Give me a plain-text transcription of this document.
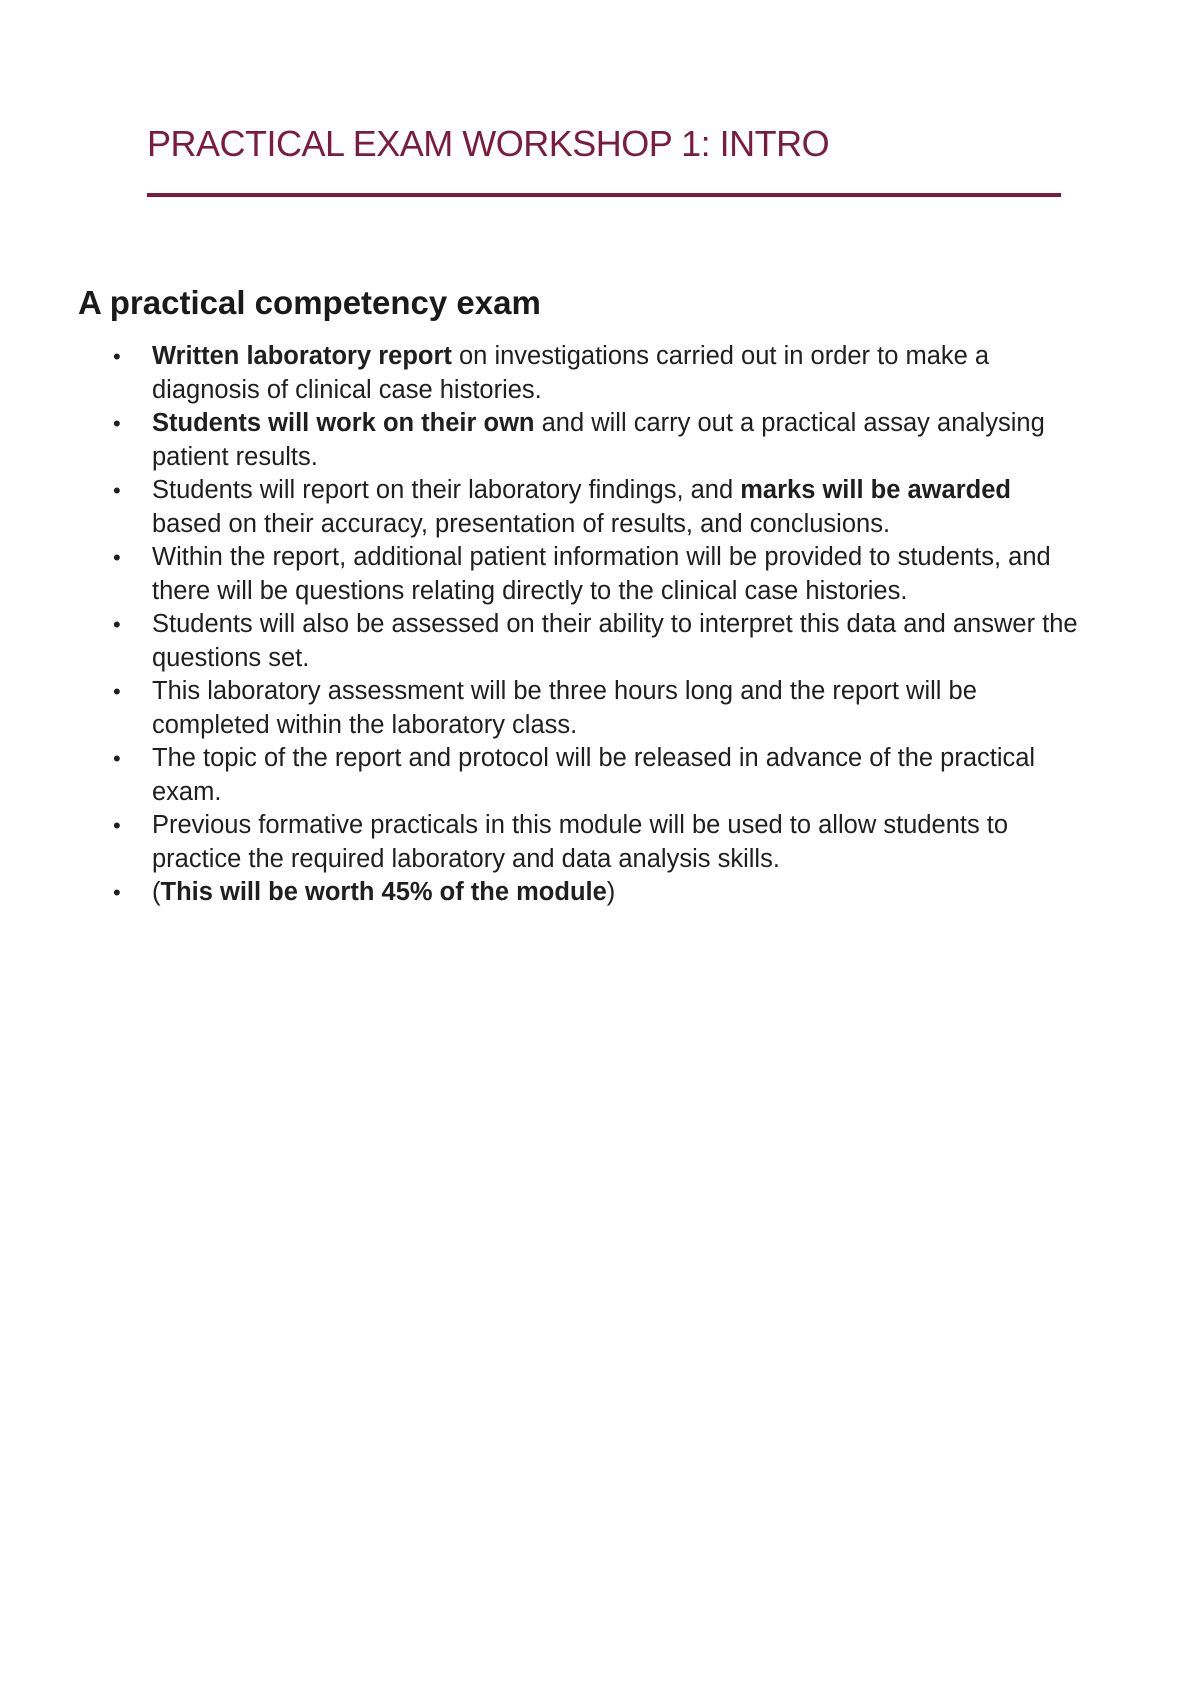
PRACTICAL EXAM WORKSHOP 1: INTRO
A practical competency exam
• Written laboratory report on investigations carried out in order to make a diagnosis of clinical case histories.
• Students will work on their own and will carry out a practical assay analysing patient results.
• Students will report on their laboratory findings, and marks will be awarded based on their accuracy, presentation of results, and conclusions.
• Within the report, additional patient information will be provided to students, and there will be questions relating directly to the clinical case histories.
• Students will also be assessed on their ability to interpret this data and answer the questions set.
• This laboratory assessment will be three hours long and the report will be completed within the laboratory class.
• The topic of the report and protocol will be released in advance of the practical exam.
• Previous formative practicals in this module will be used to allow students to practice the required laboratory and data analysis skills.
• (This will be worth 45% of the module)
